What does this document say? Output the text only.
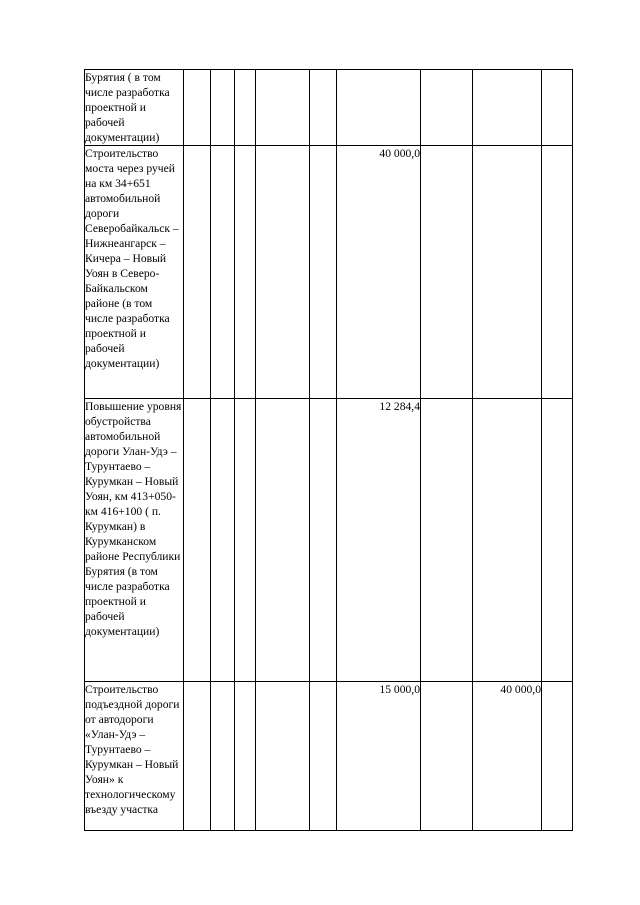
Бурятия ( в том числе разработка проектной и рабочей документации)									
Строительство моста через ручей на км 34+651 автомобильной дороги Северобайкальск – Нижнеангарск – Кичера – Новый Уоян в Северо-Байкальском районе (в том числе разработка проектной и рабочей документации)						40 000,0			
Повышение уровня обустройства автомобильной дороги Улан-Удэ – Турунтаево – Курумкан – Новый Уоян, км 413+050- км 416+100 ( п. Курумкан) в Курумканском районе Республики Бурятия (в том числе разработка проектной и рабочей документации)						12 284,4			
Строительство подъездной дороги от автодороги «Улан-Удэ – Турунтаево – Курумкан – Новый Уоян» к технологическому въезду участка						15 000,0		40 000,0	
